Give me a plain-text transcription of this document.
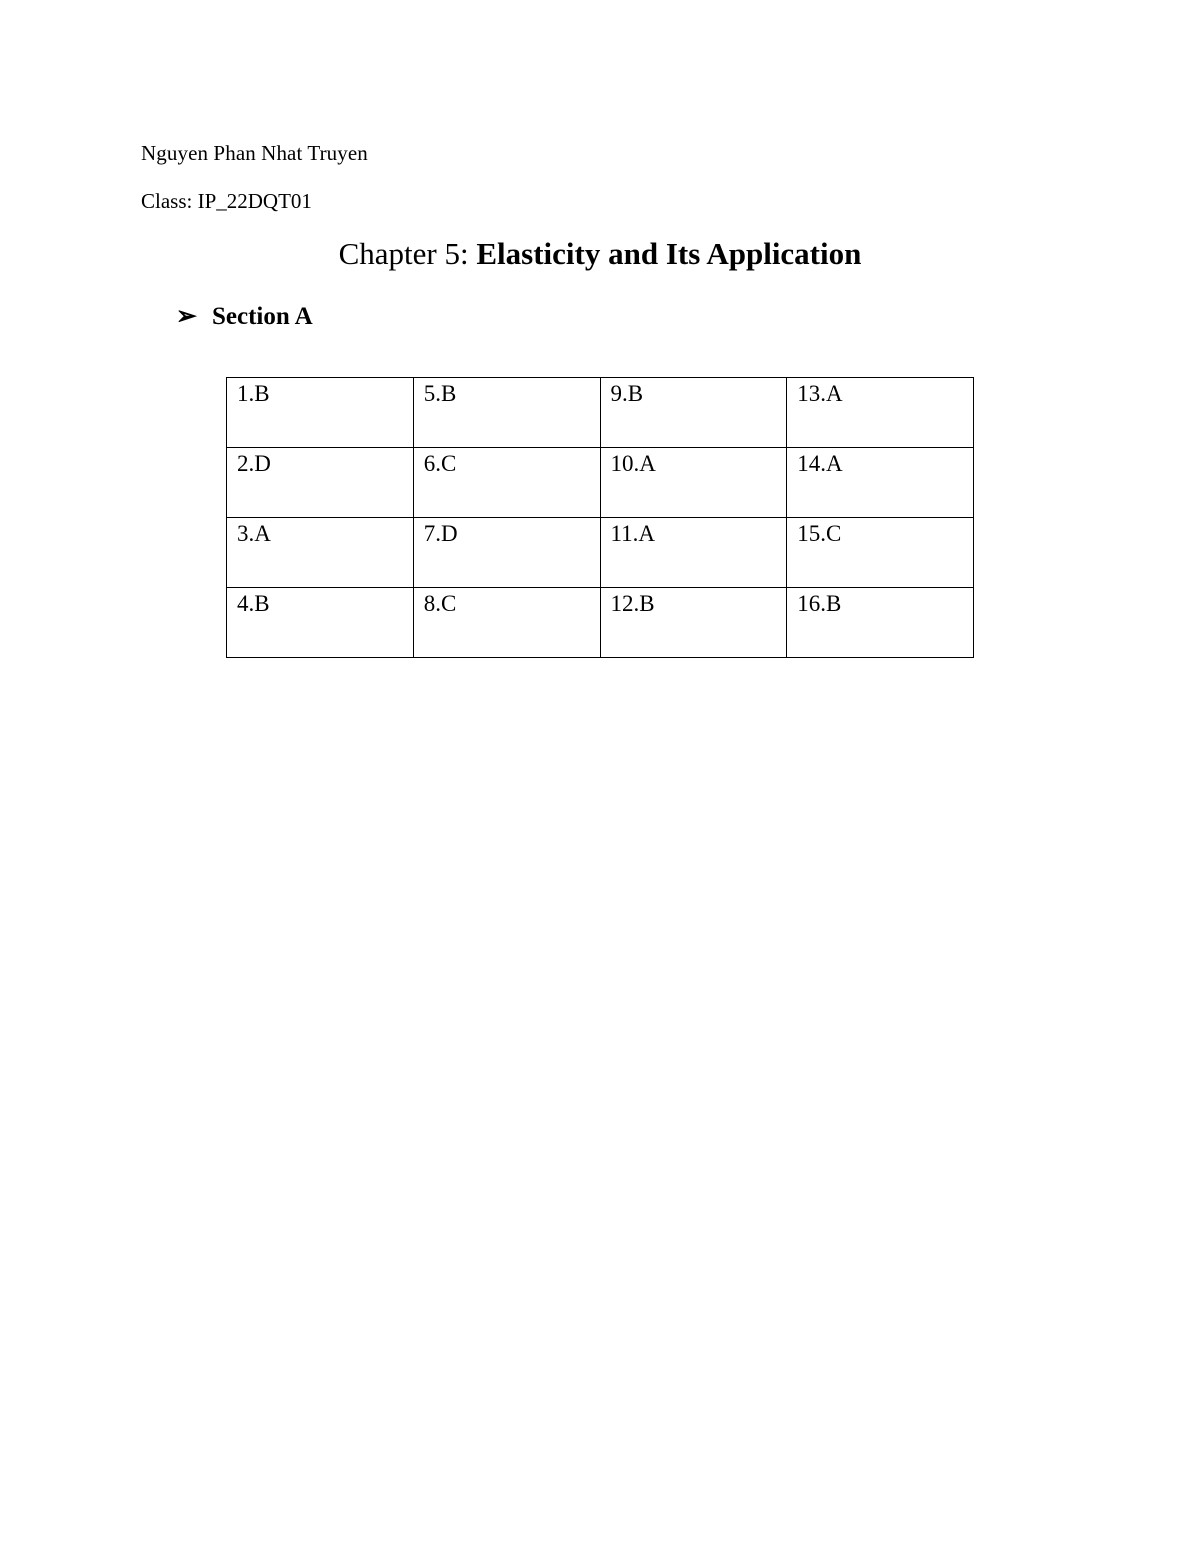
Nguyen Phan Nhat Truyen
Class: IP_22DQT01
Chapter 5: Elasticity and Its Application
➢ Section A
1.B	5.B	9.B	13.A
2.D	6.C	10.A	14.A
3.A	7.D	11.A	15.C
4.B	8.C	12.B	16.B
